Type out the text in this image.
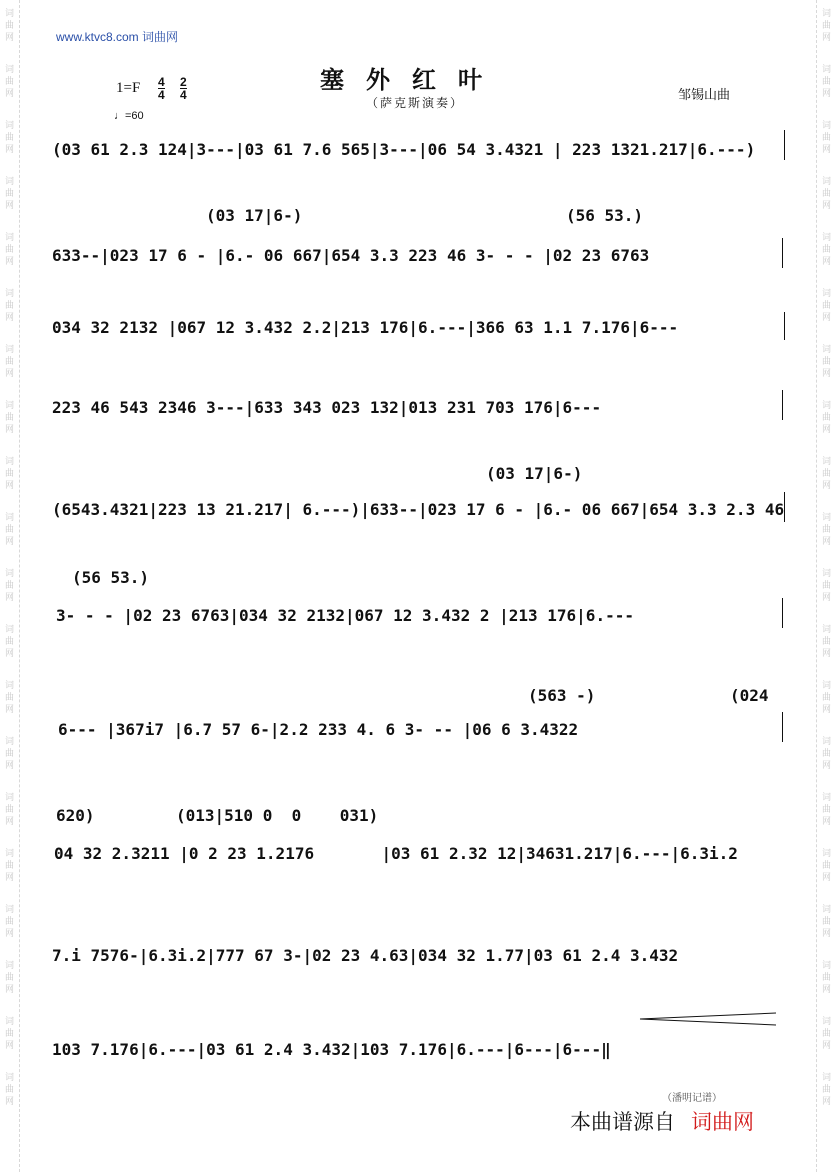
词
曲
网
词
曲
网
词
曲
网
词
曲
网
词
曲
网
词
曲
网
词
曲
网
词
曲
网
词
曲
网
词
曲
网
词
曲
网
词
曲
网
词
曲
网
词
曲
网
词
曲
网
词
曲
网
词
曲
网
词
曲
网
词
曲
网
词
曲
网
词
曲
网
词
曲
网
词
曲
网
词
曲
网
词
曲
网
词
曲
网
词
曲
网
词
曲
网
词
曲
网
词
曲
网
词
曲
网
词
曲
网
词
曲
网
词
曲
网
词
曲
网
词
曲
网
词
曲
网
词
曲
网
词
曲
网
词
曲
网
www.ktvc8.com 词曲网
塞外红叶
（萨克斯演奏）	邹锡山曲
1=F 4
4
2
4
♩=60
(03 61 2.3 124|3---|03 61 7.6 565|3---|06 54 3.4321 | 223 1321.217|6.---)
633--|023 17 6 - |6.- 06 667|654 3.3 223 46 3- - - |02 23 6763
034 32 2132 |067 12 3.432 2.2|213 176|6.---|366 63 1.1 7.176|6---
223 46 543 2346 3---|633 343 023 132|013 231 703 176|6---
(6543.4321|223 13 21.217| 6.---)|633--|023 17 6 - |6.- 06 667|654 3.3 2.3 46
3- - - |02 23 6763|034 32 2132|067 12 3.432 2 |213 176|6.---
6--- |367i7 |6.7 57 6-|2.2 233 4. 6 3- -- |06 6 3.4322
04 32 2.3211 |0 2 23 1.2176       |03 61 2.32 12|34631.217|6.---|6.3i.2
7.i 7576-|6.3i.2|777 67 3-|02 23 4.63|034 32 1.77|03 61 2.4 3.432
103 7.176|6.---|03 61 2.4 3.432|103 7.176|6.---|6---|6---‖
(03 17|6-)	(56 53.)
(03 17|6-)
(56 53.)
(563 -)	(024
620)	(013|510 0  0    031)
（潘明记谱）
本曲谱源自 词曲网
